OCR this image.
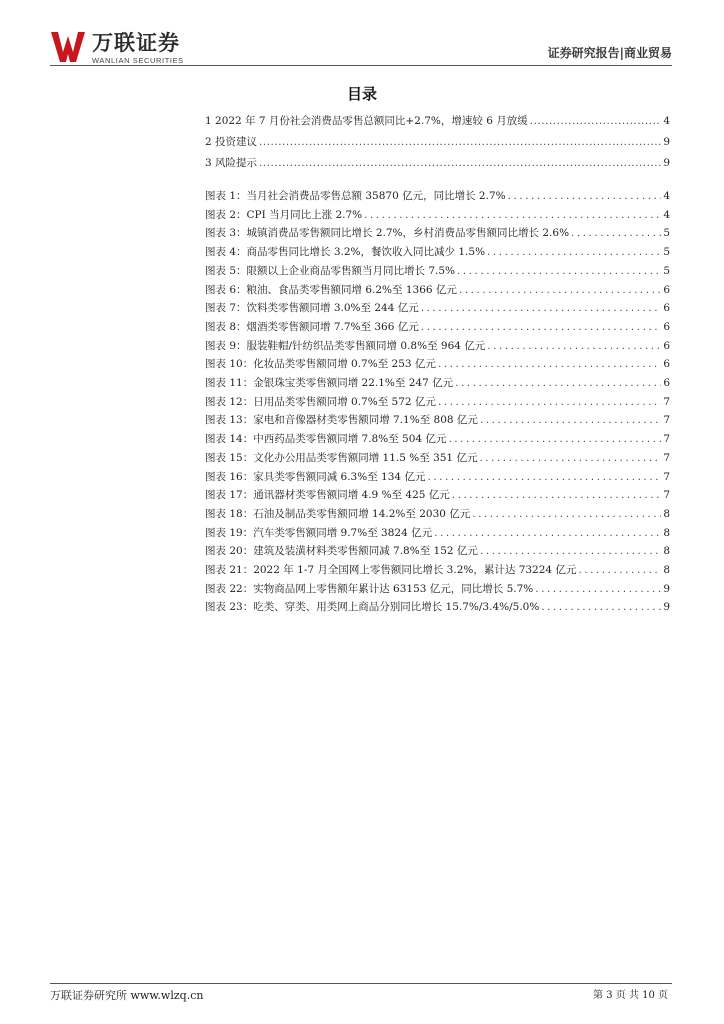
万联证券
WANLIAN SECURITIES
证券研究报告|商业贸易
目录
1 2022 年 7 月份社会消费品零售总额同比+2.7%，增速较 6 月放缓 .....	4
2 投资建议 .....	9
3 风险提示 .....	9
图表 1：当月社会消费品零售总额 35870 亿元，同比增长 2.7% .....	4
图表 2：CPI 当月同比上涨 2.7% .....	4
图表 3：城镇消费品零售额同比增长 2.7%，乡村消费品零售额同比增长 2.6% .....	5
图表 4：商品零售同比增长 3.2%，餐饮收入同比减少 1.5% .....	5
图表 5：限额以上企业商品零售额当月同比增长 7.5% .....	5
图表 6：粮油、食品类零售额同增 6.2%至 1366 亿元 .....	6
图表 7：饮料类零售额同增 3.0%至 244 亿元 .....	6
图表 8：烟酒类零售额同增 7.7%至 366 亿元 .....	6
图表 9：服装鞋帽/针纺织品类零售额同增 0.8%至 964 亿元 .....	6
图表 10：化妆品类零售额同增 0.7%至 253 亿元 .....	6
图表 11：金银珠宝类零售额同增 22.1%至 247 亿元 .....	6
图表 12：日用品类零售额同增 0.7%至 572 亿元 .....	7
图表 13：家电和音像器材类零售额同增 7.1%至 808 亿元 .....	7
图表 14：中西药品类零售额同增 7.8%至 504 亿元 .....	7
图表 15：文化办公用品类零售额同增 11.5 %至 351 亿元 .....	7
图表 16：家具类零售额同减 6.3%至 134 亿元 .....	7
图表 17：通讯器材类零售额同增 4.9 %至 425 亿元 .....	7
图表 18：石油及制品类零售额同增 14.2%至 2030 亿元 .....	8
图表 19：汽车类零售额同增 9.7%至 3824 亿元 .....	8
图表 20：建筑及装潢材料类零售额同减 7.8%至 152 亿元 .....	8
图表 21：2022 年 1-7 月全国网上零售额同比增长 3.2%，累计达 73224 亿元 .....	8
图表 22：实物商品网上零售额年累计达 63153 亿元，同比增长 5.7% .....	9
图表 23：吃类、穿类、用类网上商品分别同比增长 15.7%/3.4%/5.0% .....	9
万联证券研究所 www.wlzq.cn	第 3 页 共 10 页
